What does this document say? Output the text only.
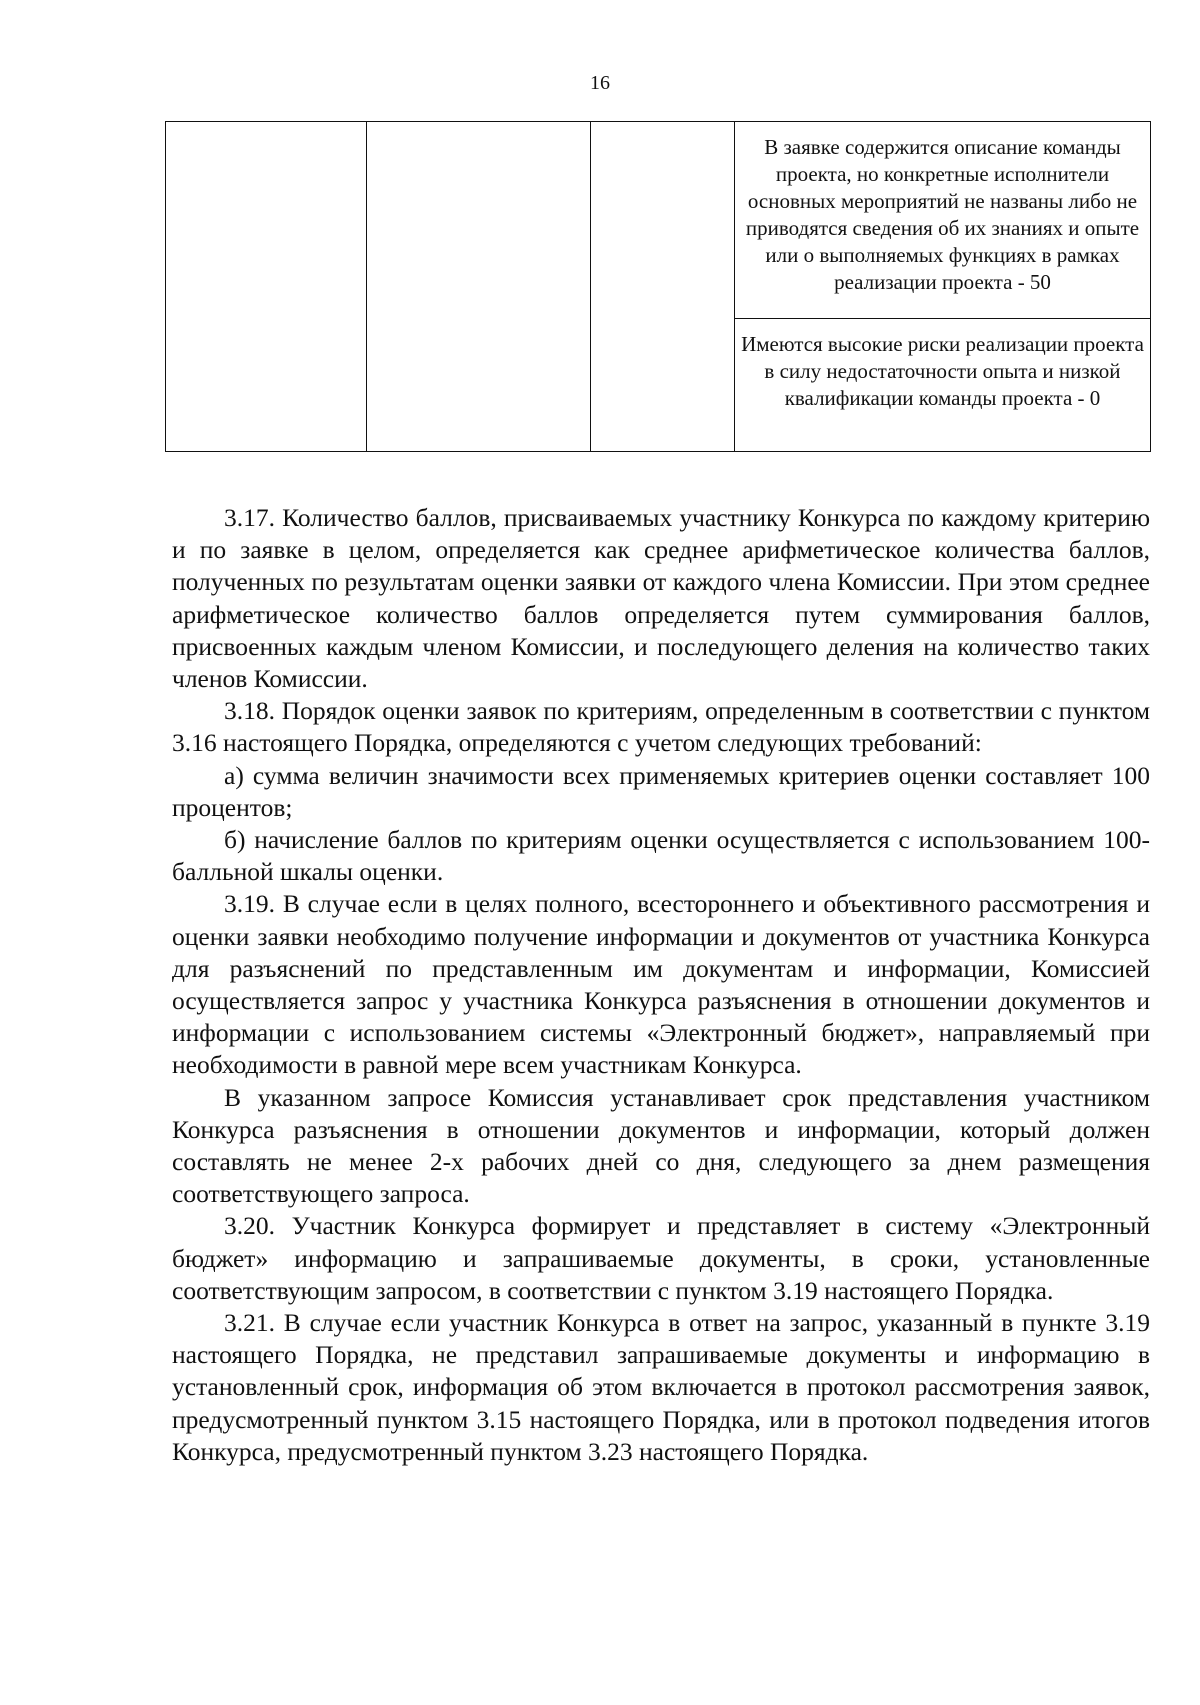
16

В заявке содержится описание команды проекта, но конкретные исполнители основных мероприятий не названы либо не приводятся сведения об их знаниях и опыте или о выполняемых функциях в рамках реализации проекта - 50

Имеются высокие риски реализации проекта в силу недостаточности опыта и низкой квалификации команды проекта - 0

3.17. Количество баллов, присваиваемых участнику Конкурса по каждому критерию и по заявке в целом, определяется как среднее арифметическое количества баллов, полученных по результатам оценки заявки от каждого члена Комиссии. При этом среднее арифметическое количество баллов определяется путем суммирования баллов, присвоенных каждым членом Комиссии, и последующего деления на количество таких членов Комиссии.

3.18. Порядок оценки заявок по критериям, определенным в соответствии с пунктом 3.16 настоящего Порядка, определяются с учетом следующих требований:

а) сумма величин значимости всех применяемых критериев оценки составляет 100 процентов;

б) начисление баллов по критериям оценки осуществляется с использованием 100-балльной шкалы оценки.

3.19. В случае если в целях полного, всестороннего и объективного рассмотрения и оценки заявки необходимо получение информации и документов от участника Конкурса для разъяснений по представленным им документам и информации, Комиссией осуществляется запрос у участника Конкурса разъяснения в отношении документов и информации с использованием системы «Электронный бюджет», направляемый при необходимости в равной мере всем участникам Конкурса.

В указанном запросе Комиссия устанавливает срок представления участником Конкурса разъяснения в отношении документов и информации, который должен составлять не менее 2-х рабочих дней со дня, следующего за днем размещения соответствующего запроса.

3.20. Участник Конкурса формирует и представляет в систему «Электронный бюджет» информацию и запрашиваемые документы, в сроки, установленные соответствующим запросом, в соответствии с пунктом 3.19 настоящего Порядка.

3.21. В случае если участник Конкурса в ответ на запрос, указанный в пункте 3.19 настоящего Порядка, не представил запрашиваемые документы и информацию в установленный срок, информация об этом включается в протокол рассмотрения заявок, предусмотренный пунктом 3.15 настоящего Порядка, или в протокол подведения итогов Конкурса, предусмотренный пунктом 3.23 настоящего Порядка.
